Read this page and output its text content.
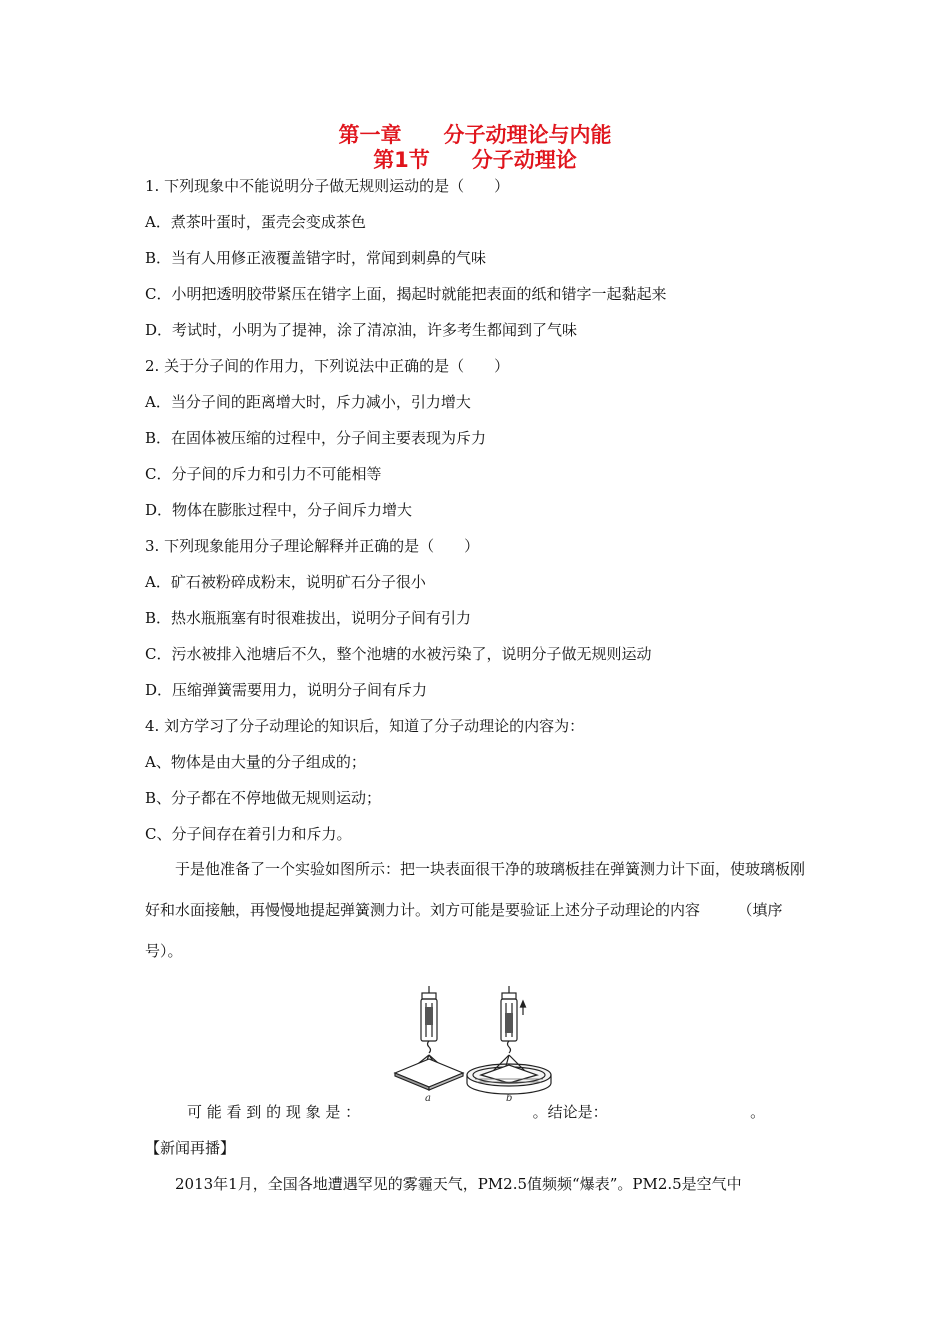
第一章　　分子动理论与内能
第1节　　分子动理论
1. 下列现象中不能说明分子做无规则运动的是（　　）
A．煮茶叶蛋时，蛋壳会变成茶色
B．当有人用修正液覆盖错字时，常闻到刺鼻的气味
C．小明把透明胶带紧压在错字上面，揭起时就能把表面的纸和错字一起黏起来
D．考试时，小明为了提神，涂了清凉油，许多考生都闻到了气味
2. 关于分子间的作用力，下列说法中正确的是（　　）
A．当分子间的距离增大时，斥力减小，引力增大
B．在固体被压缩的过程中，分子间主要表现为斥力
C．分子间的斥力和引力不可能相等
D．物体在膨胀过程中，分子间斥力增大
3. 下列现象能用分子理论解释并正确的是（　　）
A．矿石被粉碎成粉末，说明矿石分子很小
B．热水瓶瓶塞有时很难拔出，说明分子间有引力
C．污水被排入池塘后不久，整个池塘的水被污染了，说明分子做无规则运动
D．压缩弹簧需要用力，说明分子间有斥力
4. 刘方学习了分子动理论的知识后，知道了分子动理论的内容为：
A、物体是由大量的分子组成的；
B、分子都在不停地做无规则运动；
C、分子间存在着引力和斥力。
于是他准备了一个实验如图所示：把一块表面很干净的玻璃板挂在弹簧测力计下面，使玻璃板刚好和水面接触，再慢慢地提起弹簧测力计。刘方可能是要验证上述分子动理论的内容　　　（填序号）。
a	b
可 能 看 到 的 现 象 是 ：　　　　　　　　　　　　。结论是：　　　　　　　　　　。
【新闻再播】
　2013年1月，全国各地遭遇罕见的雾霾天气，PM2.5值频频“爆表”。PM2.5是空气中
